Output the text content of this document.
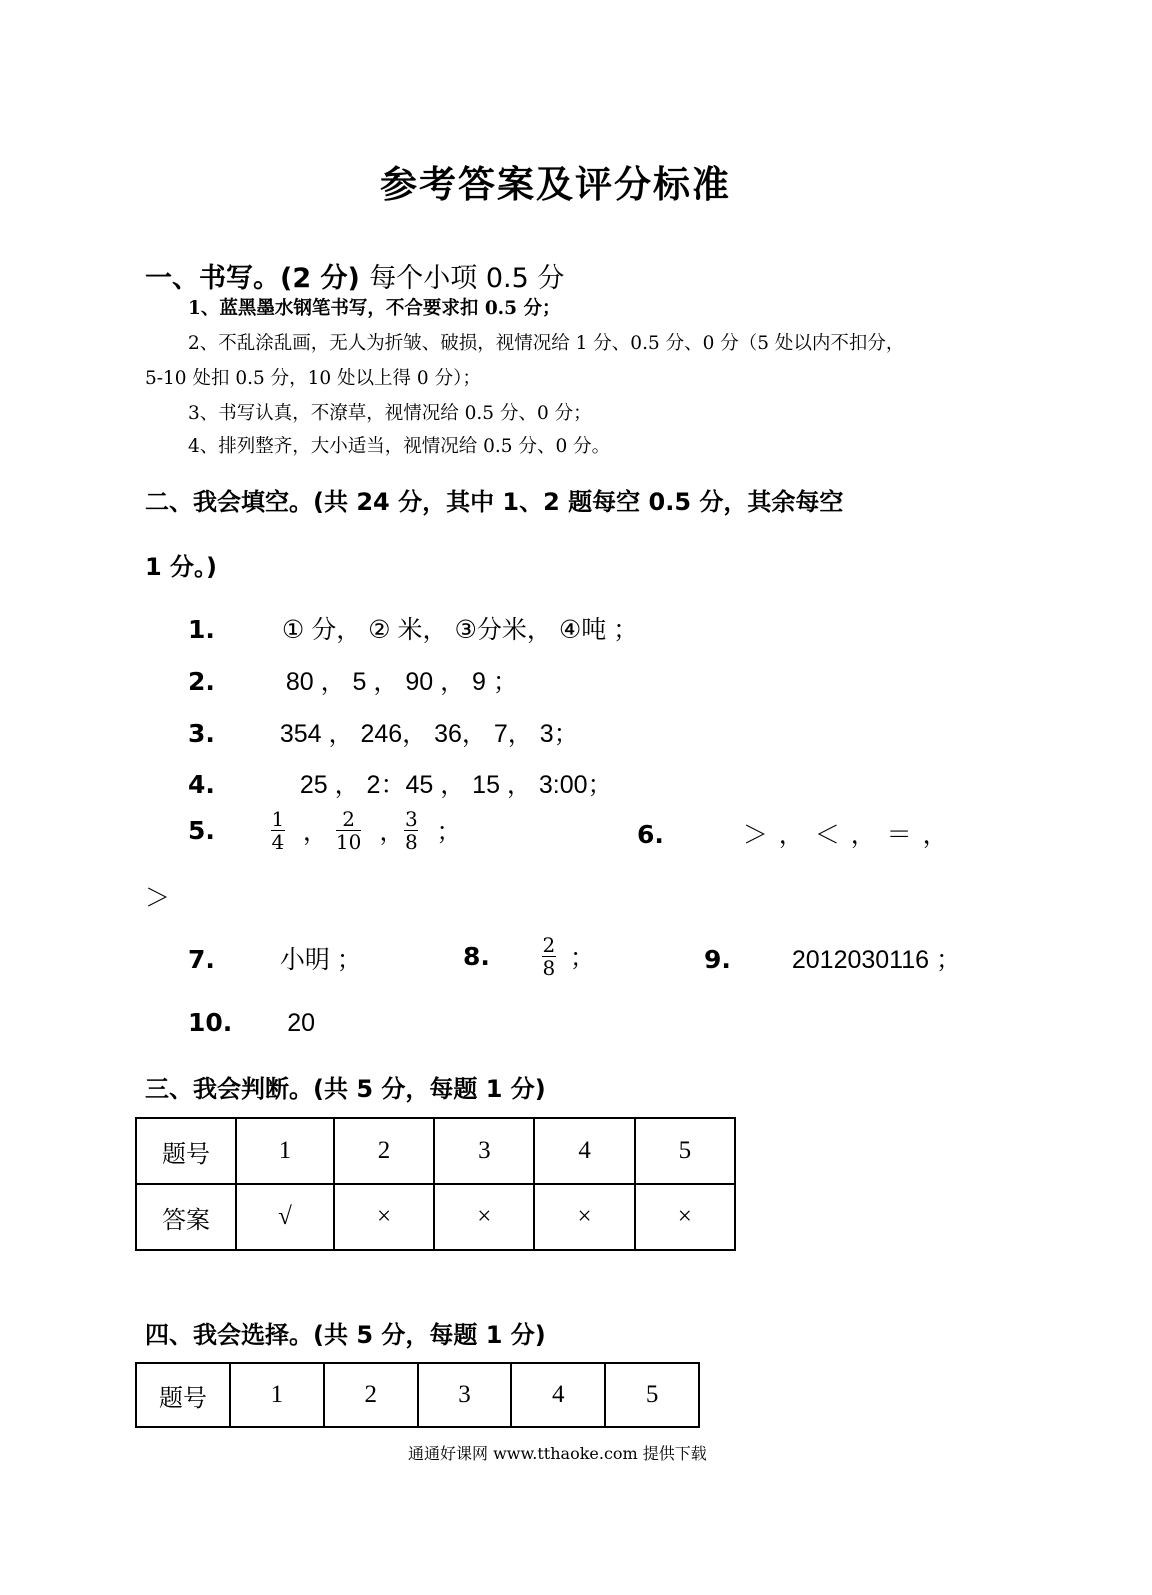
参考答案及评分标准
一、书写。(2 分) 每个小项 0.5 分
1、蓝黑墨水钢笔书写，不合要求扣 0.5 分；
2、不乱涂乱画，无人为折皱、破损，视情况给 1 分、0.5 分、0 分（5 处以内不扣分，
5-10 处扣 0.5 分，10 处以上得 0 分）；
3、书写认真，不潦草，视情况给 0.5 分、0 分；
4、排列整齐，大小适当，视情况给 0.5 分、0 分。
二、我会填空。(共 24 分，其中 1、2 题每空 0.5 分，其余每空
1 分。)
1.	① 分， ② 米， ③分米， ④吨 ；
2.	80 ， 5 ， 90 ， 9 ；
3.	354 ， 246， 36， 7， 3；
4.	25 ， 2：45 ， 15 ， 3:00；
5.	$\frac{1}{4}$ ， $\frac{2}{10}$ ， $\frac{3}{8}$ ；	6.	＞ ， ＜ ， ＝ ，
＞
7.	小明 ；	8.	$\frac{2}{8}$ ；	9. 2012030116 ；
10. 20
三、我会判断。(共 5 分，每题 1 分)
题号	1	2	3	4	5
答案	√	×	×	×	×
四、我会选择。(共 5 分，每题 1 分)
题号	1	2	3	4	5
通通好课网 www.tthaoke.com 提供下载
